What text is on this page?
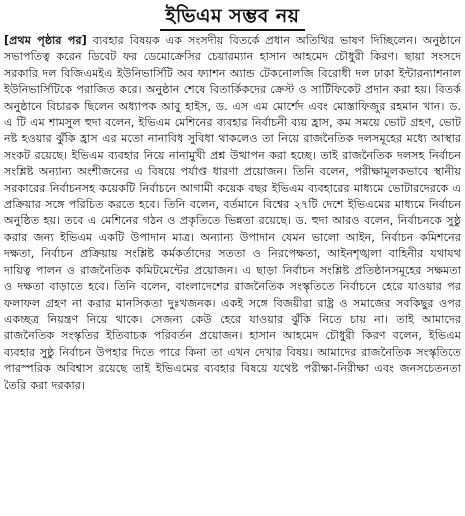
ইভিএম সম্ভব নয়

[প্রথম পৃষ্ঠার পর] ব্যবহার বিষয়ক এক সংসদীয় বিতর্কে প্রধান অতিথির ভাষণ দিচ্ছিলেন। অনুষ্ঠানে সভাপতিত্ব করেন ডিবেট ফর ডেমোক্রেসির চেয়ারম্যান হাসান আহমেদ চৌধুরী কিরণ। ছায়া সংসদে সরকারি দল বিজিএমইএ ইউনিভার্সিটি অব ফ্যাশন অ্যান্ড টেকনোলজি বিরোধী দল ঢাকা ইন্টারন্যাশনাল ইউনিভার্সিটিকে পরাজিত করে। অনুষ্ঠান শেষে বিতার্কিকদের ক্রেস্ট ও সার্টিফিকেট প্রদান করা হয়। বিতর্ক অনুষ্ঠানে বিচারক ছিলেন অধ্যাপক আবু হাইস, ড. এস এম মোর্শেদ এবং মোস্তাফিজুর রহমান খান। ড. এ টি এম শামসুল হুদা বলেন, ইভিএম মেশিনের ব্যবহার নির্বাচনী ব্যয় হ্রাস, কম সময়ে ভোট গ্রহণ, ভোট নষ্ট হওয়ার ঝুঁকি হ্রাস এর মতো নানাবিধ সুবিধা থাকলেও তা নিয়ে রাজনৈতিক দলসমূহের মধ্যে আস্থার সংকট রয়েছে। ইভিএম ব্যবহার নিয়ে নানামুখী প্রশ্ন উত্থাপন করা হচ্ছে। তাই রাজনৈতিক দলসহ নির্বাচন সংশ্লিষ্ট অন্যান্য অংশীজনের এ বিষয়ে পর্যাপ্ত ধারণা প্রয়োজন। তিনি বলেন, পরীক্ষামূলকভাবে স্থানীয় সরকারের নির্বাচনসহ কয়েকটি নির্বাচনে আগামী কয়েক বছর ইভিএম ব্যবহারের মাধ্যমে ভোটারদেরকে এ প্রক্রিয়ার সঙ্গে পরিচিত করতে হবে। তিনি বলেন, বর্তমানে বিশ্বের ২৭টি দেশে ইভিএমের মাধ্যমে নির্বাচন অনুষ্ঠিত হয়। তবে এ মেশিনের গঠন ও প্রকৃতিতে ভিন্নতা রয়েছে। ড. হুদা আরও বলেন, নির্বাচনকে সুষ্ঠু করার জন্য ইভিএম একটি উপাদান মাত্র। অন্যান্য উপাদান যেমন ভালো আইন, নির্বাচন কমিশনের দক্ষতা, নির্বাচন প্রক্রিয়ায় সংশ্লিষ্ট কর্মকর্তাদের সততা ও নিরপেক্ষতা, আইনশৃঙ্খলা বাহিনীর যথাযথ দায়িত্ব পালন ও রাজনৈতিক কমিটমেন্টের প্রয়োজন। এ ছাড়া নির্বাচন সংশ্লিষ্ট প্রতিষ্ঠানসমূহের সক্ষমতা ও দক্ষতা বাড়াতে হবে। তিনি বলেন, বাংলাদেশের রাজনৈতিক সংস্কৃতিতে নির্বাচনে হেরে যাওয়ার পর ফলাফল গ্রহণ না করার মানসিকতা দুঃখজনক। একই সঙ্গে বিজয়ীরা রাষ্ট্র ও সমাজের সবকিছুর ওপর একচ্ছত্র নিয়ন্ত্রণ নিয়ে থাকে। সেজন্য কেউ হেরে যাওয়ার ঝুঁকি নিতে চায় না। তাই আমাদের রাজনৈতিক সংস্কৃতির ইতিবাচক পরিবর্তন প্রয়োজন। হাসান আহমেদ চৌধুরী কিরণ বলেন, ইভিএম ব্যবহার সুষ্ঠু নির্বাচন উপহার দিতে পারে কিনা তা এখন দেখার বিষয়। আমাদের রাজনৈতিক সংস্কৃতিতে পারস্পরিক অবিশ্বাস রয়েছে তাই ইভিএমের ব্যবহার বিষয়ে যথেষ্ট পরীক্ষা-নিরীক্ষা এবং জনসচেতনতা তৈরি করা দরকার।
